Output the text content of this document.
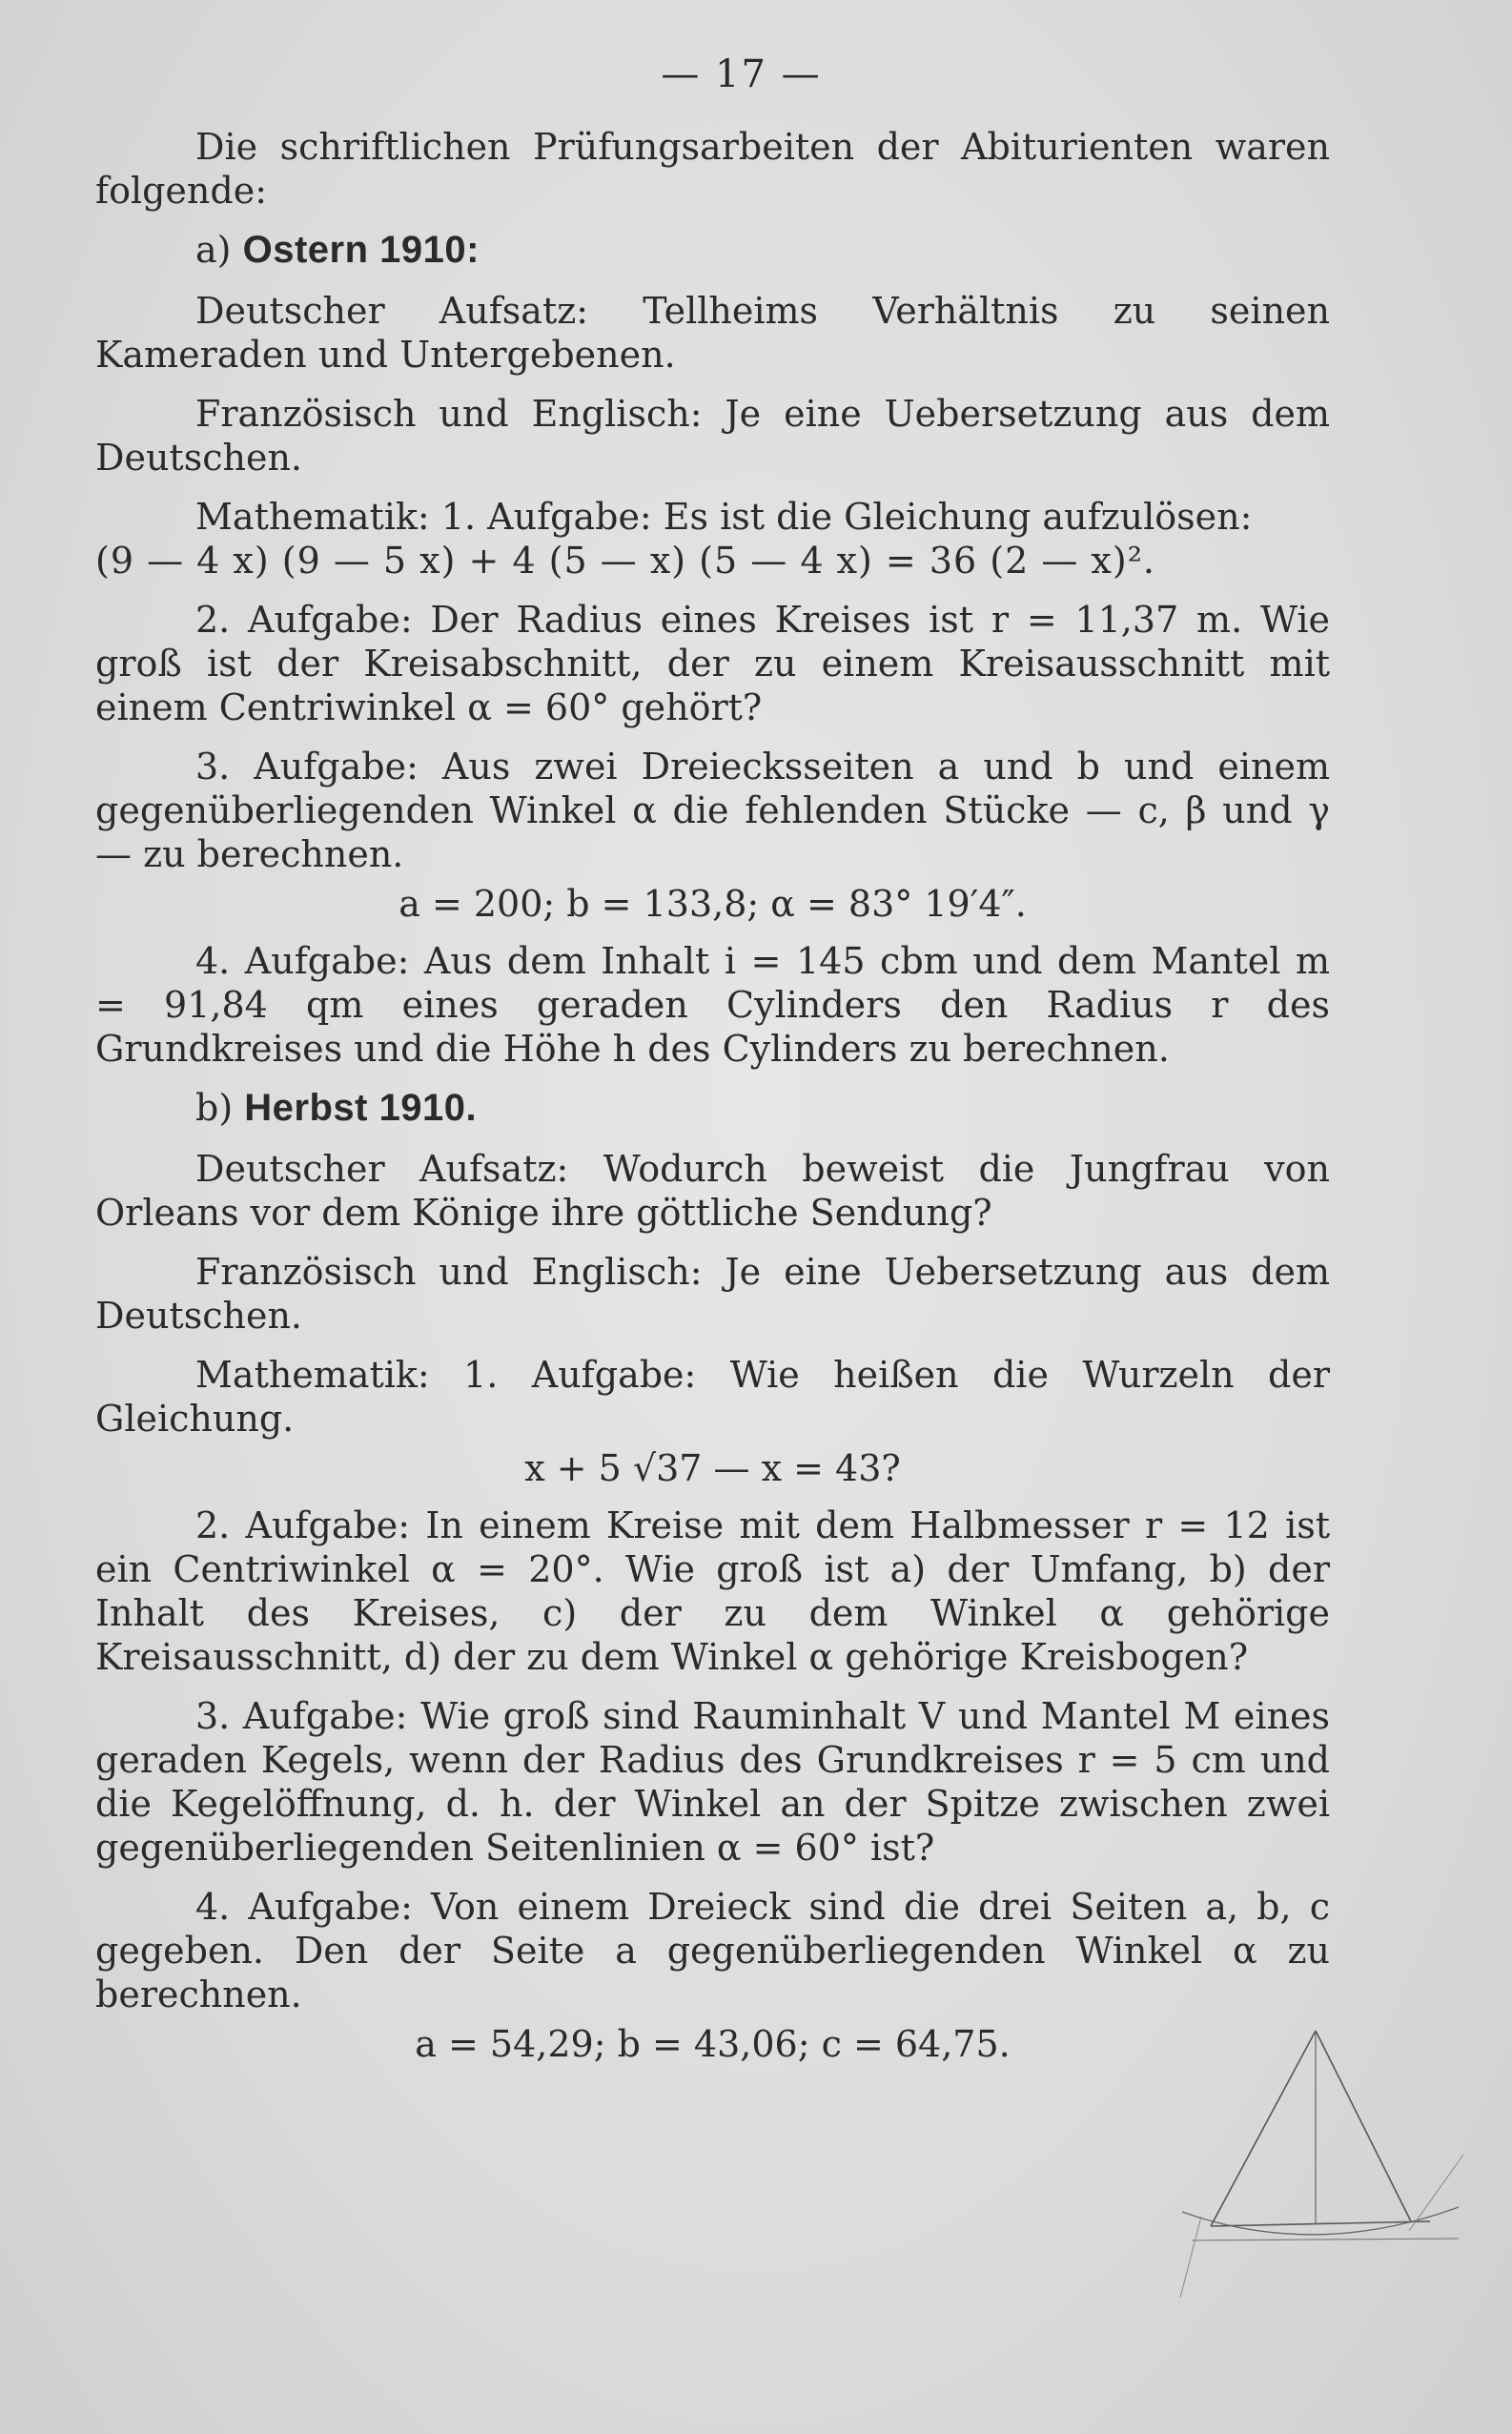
— 17 —

Die schriftlichen Prüfungsarbeiten der Abiturienten waren folgende:

a) Ostern 1910:

Deutscher Aufsatz: Tellheims Verhältnis zu seinen Kameraden und Untergebenen.

Französisch und Englisch: Je eine Uebersetzung aus dem Deutschen.

Mathematik: 1. Aufgabe: Es ist die Gleichung aufzulösen:

(9 — 4 x) (9 — 5 x) + 4 (5 — x) (5 — 4 x) = 36 (2 — x)².

2. Aufgabe: Der Radius eines Kreises ist r = 11,37 m. Wie groß ist der Kreisabschnitt, der zu einem Kreisausschnitt mit einem Centriwinkel α = 60° gehört?

3. Aufgabe: Aus zwei Dreiecksseiten a und b und einem gegenüberliegenden Winkel α die fehlenden Stücke — c, β und γ — zu berechnen.

a = 200; b = 133,8; α = 83° 19′4″.

4. Aufgabe: Aus dem Inhalt i = 145 cbm und dem Mantel m = 91,84 qm eines geraden Cylinders den Radius r des Grundkreises und die Höhe h des Cylinders zu berechnen.

b) Herbst 1910.

Deutscher Aufsatz: Wodurch beweist die Jungfrau von Orleans vor dem Könige ihre göttliche Sendung?

Französisch und Englisch: Je eine Uebersetzung aus dem Deutschen.

Mathematik: 1. Aufgabe: Wie heißen die Wurzeln der Gleichung.

x + 5 √37 — x = 43?

2. Aufgabe: In einem Kreise mit dem Halbmesser r = 12 ist ein Centriwinkel α = 20°. Wie groß ist a) der Umfang, b) der Inhalt des Kreises, c) der zu dem Winkel α gehörige Kreisausschnitt, d) der zu dem Winkel α gehörige Kreisbogen?

3. Aufgabe: Wie groß sind Rauminhalt V und Mantel M eines geraden Kegels, wenn der Radius des Grundkreises r = 5 cm und die Kegelöffnung, d. h. der Winkel an der Spitze zwischen zwei gegenüberliegenden Seitenlinien α = 60° ist?

4. Aufgabe: Von einem Dreieck sind die drei Seiten a, b, c gegeben. Den der Seite a gegenüberliegenden Winkel α zu berechnen.

a = 54,29; b = 43,06; c = 64,75.
